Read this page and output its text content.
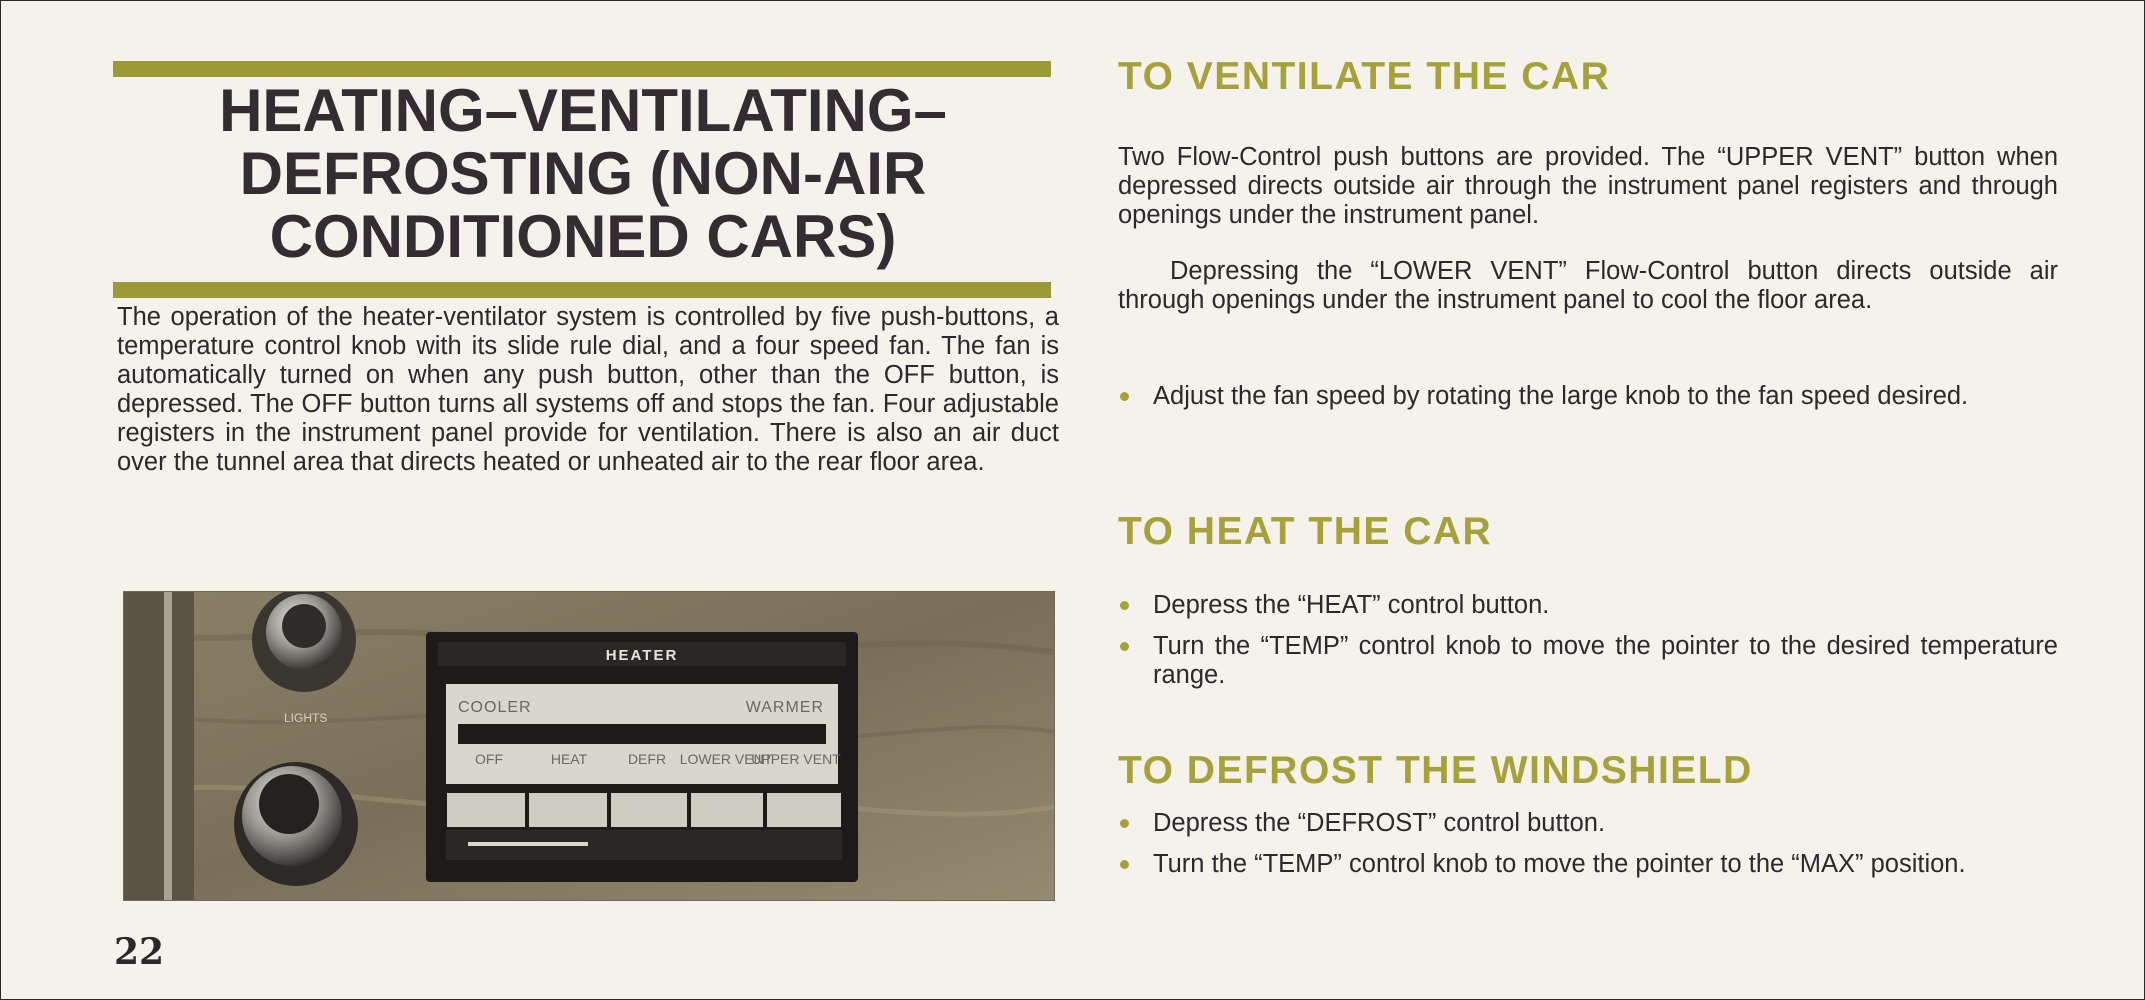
HEATING–VENTILATING–
DEFROSTING (NON-AIR
CONDITIONED CARS)

The operation of the heater-ventilator system is controlled by five push-buttons, a temperature control knob with its slide rule dial, and a four speed fan. The fan is automatically turned on when any push button, other than the OFF button, is depressed. The OFF button turns all systems off and stops the fan. Four adjustable registers in the instrument panel provide for ventilation. There is also an air duct over the tunnel area that directs heated or unheated air to the rear floor area.

LIGHTS
HEATER
COOLER	WARMER
OFF	HEAT	DEFR LOWER VENT
UPPER VENT
22
TO VENTILATE THE CAR

Two Flow-Control push buttons are provided. The “UPPER VENT” button when depressed directs outside air through the instrument panel registers and through openings under the instrument panel.

Depressing the “LOWER VENT” Flow-Control button directs outside air through openings under the instrument panel to cool the floor area.

Adjust the fan speed by rotating the large knob to the fan speed desired.
TO HEAT THE CAR
Depress the “HEAT” control button.
Turn the “TEMP” control knob to move the pointer to the desired temperature range.
TO DEFROST THE WINDSHIELD
Depress the “DEFROST” control button.
Turn the “TEMP” control knob to move the pointer to the “MAX” position.
